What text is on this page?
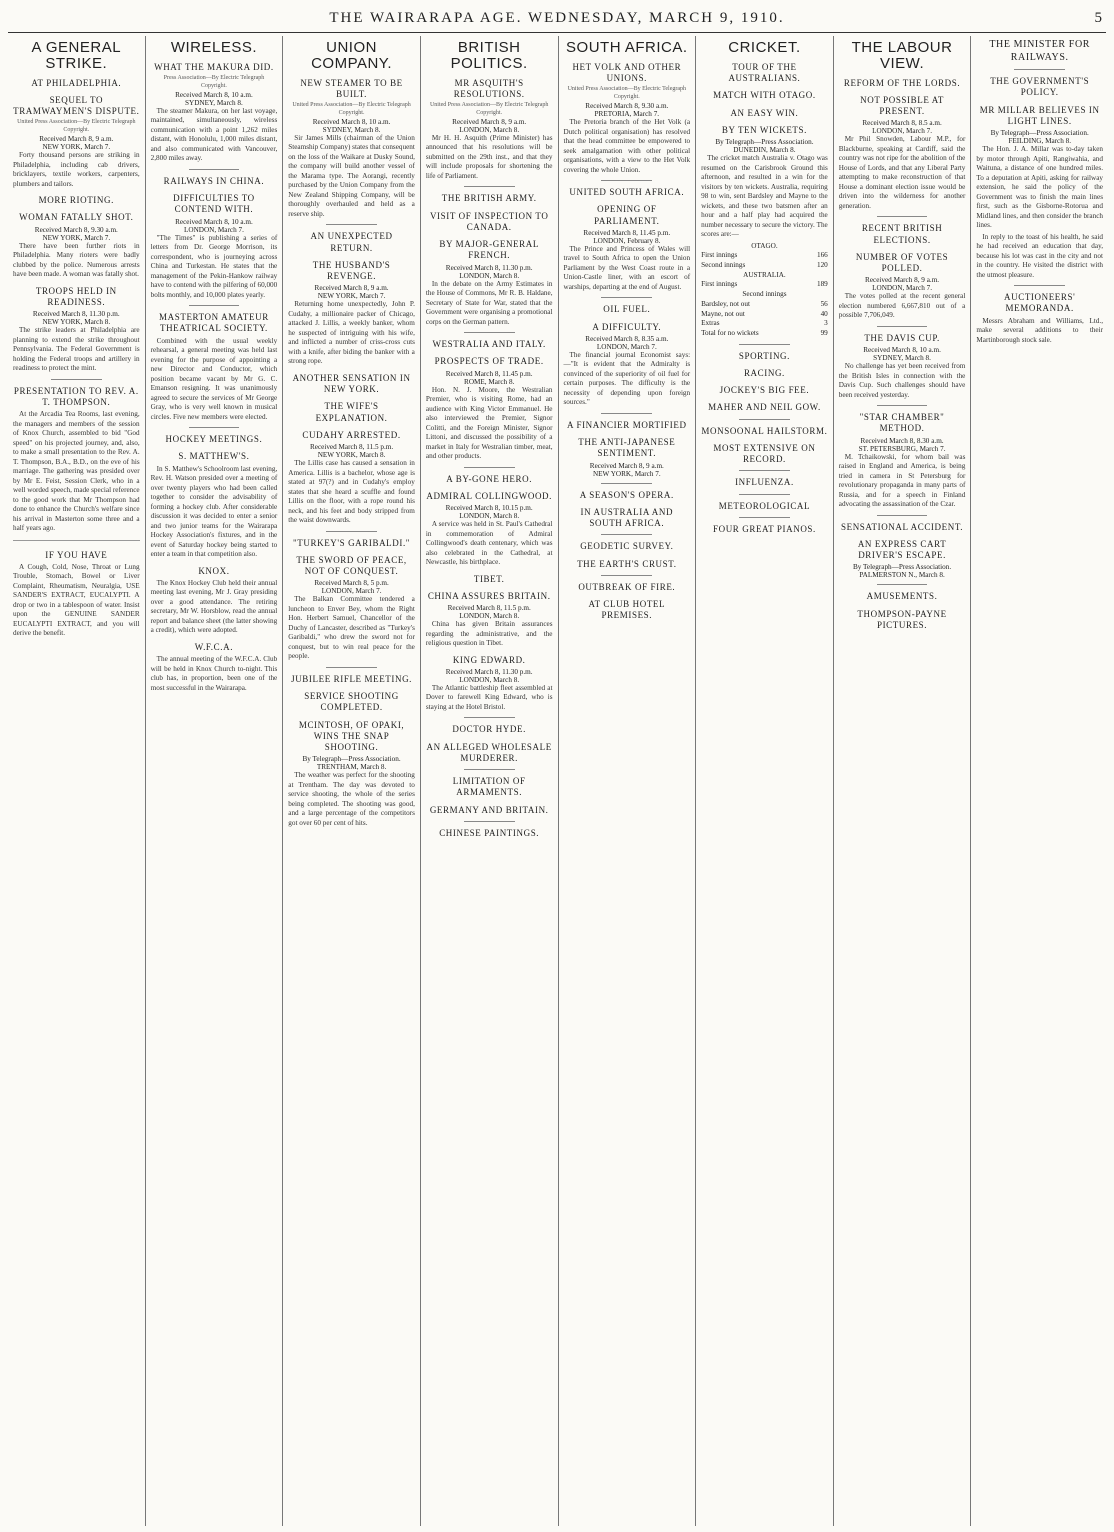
THE WAIRARAPA AGE. WEDNESDAY, MARCH 9, 1910.	5
A GENERAL STRIKE.
AT PHILADELPHIA.
SEQUEL TO TRAMWAYMEN'S DISPUTE.
United Press Association—By Electric Telegraph Copyright.
Received March 8, 9 a.m.
NEW YORK, March 7.

Forty thousand persons are striking in Philadelphia, including cab drivers, bricklayers, textile workers, carpenters, plumbers and tailors.

MORE RIOTING.
WOMAN FATALLY SHOT.
Received March 8, 9.30 a.m.
NEW YORK, March 7.

There have been further riots in Philadelphia. Many rioters were badly clubbed by the police. Numerous arrests have been made. A woman was fatally shot.

TROOPS HELD IN READINESS.
Received March 8, 11.30 p.m.
NEW YORK, March 8.

The strike leaders at Philadelphia are planning to extend the strike throughout Pennsylvania. The Federal Government is holding the Federal troops and artillery in readiness to protect the mint.

PRESENTATION TO REV. A. T. THOMPSON.

At the Arcadia Tea Rooms, last evening, the managers and members of the session of Knox Church, assembled to bid "God speed" on his projected journey, and, also, to make a small presentation to the Rev. A. T. Thompson, B.A., B.D., on the eve of his marriage. The gathering was presided over by Mr E. Feist, Session Clerk, who in a well worded speech, made special reference to the good work that Mr Thompson had done to enhance the Church's welfare since his arrival in Masterton some three and a half years ago.

IF YOU HAVE

A Cough, Cold, Nose, Throat or Lung Trouble, Stomach, Bowel or Liver Complaint, Rheumatism, Neuralgia, USE SANDER'S EXTRACT, EUCALYPTI. A drop or two in a tablespoon of water. Insist upon the GENUINE SANDER EUCALYPTI EXTRACT, and you will derive the benefit.

WIRELESS.
WHAT THE MAKURA DID.
Press Association—By Electric Telegraph Copyright.
Received March 8, 10 a.m.
SYDNEY, March 8.

The steamer Makura, on her last voyage, maintained, simultaneously, wireless communication with a point 1,262 miles distant, with Honolulu, 1,000 miles distant, and also communicated with Vancouver, 2,800 miles away.

RAILWAYS IN CHINA.
DIFFICULTIES TO CONTEND WITH.
Received March 8, 10 a.m.
LONDON, March 7.

"The Times" is publishing a series of letters from Dr. George Morrison, its correspondent, who is journeying across China and Turkestan. He states that the management of the Pekin-Hankow railway have to contend with the pilfering of 60,000 bolts monthly, and 10,000 plates yearly.

MASTERTON AMATEUR THEATRICAL SOCIETY.

Combined with the usual weekly rehearsal, a general meeting was held last evening for the purpose of appointing a new Director and Conductor, which position became vacant by Mr G. C. Emanson resigning. It was unanimously agreed to secure the services of Mr George Gray, who is very well known in musical circles. Five new members were elected.

HOCKEY MEETINGS.
S. MATTHEW'S.

In S. Matthew's Schoolroom last evening, Rev. H. Watson presided over a meeting of over twenty players who had been called together to consider the advisability of forming a hockey club. After considerable discussion it was decided to enter a senior and two junior teams for the Wairarapa Hockey Association's fixtures, and in the event of Saturday hockey being started to enter a team in that competition also.

KNOX.

The Knox Hockey Club held their annual meeting last evening, Mr J. Gray presiding over a good attendance. The retiring secretary, Mr W. Horsblow, read the annual report and balance sheet (the latter showing a credit), which were adopted.

W.F.C.A.

The annual meeting of the W.F.C.A. Club will be held in Knox Church to-night. This club has, in proportion, been one of the most successful in the Wairarapa.

UNION COMPANY.
NEW STEAMER TO BE BUILT.
United Press Association—By Electric Telegraph Copyright.
Received March 8, 10 a.m.
SYDNEY, March 8.

Sir James Mills (chairman of the Union Steamship Company) states that consequent on the loss of the Waikare at Dusky Sound, the company will build another vessel of the Marama type. The Aorangi, recently purchased by the Union Company from the New Zealand Shipping Company, will be thoroughly overhauled and held as a reserve ship.

AN UNEXPECTED RETURN.
THE HUSBAND'S REVENGE.
Received March 8, 9 a.m.
NEW YORK, March 7.

Returning home unexpectedly, John P. Cudahy, a millionaire packer of Chicago, attacked J. Lillis, a weekly banker, whom he suspected of intriguing with his wife, and inflicted a number of criss-cross cuts with a knife, after biding the banker with a strong rope.

ANOTHER SENSATION IN NEW YORK.
THE WIFE'S EXPLANATION.
CUDAHY ARRESTED.
Received March 8, 11.5 p.m.
NEW YORK, March 8.

The Lillis case has caused a sensation in America. Lillis is a bachelor, whose age is stated at 97(?) and in Cudahy's employ states that she heard a scuffle and found Lillis on the floor, with a rope round his neck, and his feet and body stripped from the waist downwards.

"TURKEY'S GARIBALDI."
THE SWORD OF PEACE, NOT OF CONQUEST.
Received March 8, 5 p.m.
LONDON, March 7.

The Balkan Committee tendered a luncheon to Enver Bey, whom the Right Hon. Herbert Samuel, Chancellor of the Duchy of Lancaster, described as "Turkey's Garibaldi," who drew the sword not for conquest, but to win real peace for the people.

JUBILEE RIFLE MEETING.
SERVICE SHOOTING COMPLETED.
MCINTOSH, OF OPAKI, WINS THE SNAP SHOOTING.
By Telegraph—Press Association.
TRENTHAM, March 8.

The weather was perfect for the shooting at Trentham. The day was devoted to service shooting, the whole of the series being completed. The shooting was good, and a large percentage of the competitors got over 60 per cent of hits.

BRITISH POLITICS.
MR ASQUITH'S RESOLUTIONS.
United Press Association—By Electric Telegraph Copyright.
Received March 8, 9 a.m.
LONDON, March 8.

Mr H. H. Asquith (Prime Minister) has announced that his resolutions will be submitted on the 29th inst., and that they will include proposals for shortening the life of Parliament.

THE BRITISH ARMY.
VISIT OF INSPECTION TO CANADA.
BY MAJOR-GENERAL FRENCH.
Received March 8, 11.30 p.m.
LONDON, March 8.

In the debate on the Army Estimates in the House of Commons, Mr R. B. Haldane, Secretary of State for War, stated that the Government were organising a promotional corps on the German pattern.

WESTRALIA AND ITALY.
PROSPECTS OF TRADE.
Received March 8, 11.45 p.m.
ROME, March 8.

Hon. N. J. Moore, the Westralian Premier, who is visiting Rome, had an audience with King Victor Emmanuel. He also interviewed the Premier, Signor Colitti, and the Foreign Minister, Signor Littoni, and discussed the possibility of a market in Italy for Westralian timber, meat, and other products.

A BY-GONE HERO.
ADMIRAL COLLINGWOOD.
Received March 8, 10.15 p.m.
LONDON, March 8.

A service was held in St. Paul's Cathedral in commemoration of Admiral Collingwood's death centenary, which was also celebrated in the Cathedral, at Newcastle, his birthplace.

TIBET.
CHINA ASSURES BRITAIN.
Received March 8, 11.5 p.m.
LONDON, March 8.

China has given Britain assurances regarding the administrative, and the religious question in Tibet.

KING EDWARD.
Received March 8, 11.30 p.m.
LONDON, March 8.

The Atlantic battleship fleet assembled at Dover to farewell King Edward, who is staying at the Hotel Bristol.

DOCTOR HYDE.
AN ALLEGED WHOLESALE MURDERER.
LIMITATION OF ARMAMENTS.
GERMANY AND BRITAIN.
CHINESE PAINTINGS.
SOUTH AFRICA.
HET VOLK AND OTHER UNIONS.
United Press Association—By Electric Telegraph Copyright.
Received March 8, 9.30 a.m.
PRETORIA, March 7.

The Pretoria branch of the Het Volk (a Dutch political organisation) has resolved that the head committee be empowered to seek amalgamation with other political organisations, with a view to the Het Volk covering the whole Union.

UNITED SOUTH AFRICA.
OPENING OF PARLIAMENT.
Received March 8, 11.45 p.m.
LONDON, February 8.

The Prince and Princess of Wales will travel to South Africa to open the Union Parliament by the West Coast route in a Union-Castle liner, with an escort of warships, departing at the end of August.

OIL FUEL.
A DIFFICULTY.
Received March 8, 8.35 a.m.
LONDON, March 7.

The financial journal Economist says:—"It is evident that the Admiralty is convinced of the superiority of oil fuel for certain purposes. The difficulty is the necessity of depending upon foreign sources."

A FINANCIER MORTIFIED
THE ANTI-JAPANESE SENTIMENT.
Received March 8, 9 a.m.
NEW YORK, March 7.
A SEASON'S OPERA.
IN AUSTRALIA AND SOUTH AFRICA.
GEODETIC SURVEY.
THE EARTH'S CRUST.
OUTBREAK OF FIRE.
AT CLUB HOTEL PREMISES.
CRICKET.
TOUR OF THE AUSTRALIANS.
MATCH WITH OTAGO.
AN EASY WIN.
BY TEN WICKETS.
By Telegraph—Press Association.
DUNEDIN, March 8.

The cricket match Australia v. Otago was resumed on the Carisbrook Ground this afternoon, and resulted in a win for the visitors by ten wickets. Australia, requiring 98 to win, sent Bardsley and Mayne to the wickets, and these two batsmen after an hour and a half play had acquired the number necessary to secure the victory. The scores are:—

OTAGO.
First innings	166
Second innings	120
AUSTRALIA.
First innings	189
Second innings
Bardsley, not out	56
Mayne, not out	40
Extras	3
Total for no wickets	99
SPORTING.
RACING.
JOCKEY'S BIG FEE.
MAHER AND NEIL GOW.
MONSOONAL HAILSTORM.
MOST EXTENSIVE ON RECORD.
INFLUENZA.
METEOROLOGICAL
FOUR GREAT PIANOS.
THE LABOUR VIEW.
REFORM OF THE LORDS.
NOT POSSIBLE AT PRESENT.
Received March 8, 8.5 a.m.
LONDON, March 7.

Mr Phil Snowden, Labour M.P., for Blackburne, speaking at Cardiff, said the country was not ripe for the abolition of the House of Lords, and that any Liberal Party attempting to make reconstruction of that House a dominant election issue would be driven into the wilderness for another generation.

RECENT BRITISH ELECTIONS.
NUMBER OF VOTES POLLED.
Received March 8, 9 a.m.
LONDON, March 7.

The votes polled at the recent general election numbered 6,667,810 out of a possible 7,706,049.

THE DAVIS CUP.
Received March 8, 10 a.m.
SYDNEY, March 8.

No challenge has yet been received from the British Isles in connection with the Davis Cup. Such challenges should have been received yesterday.

"STAR CHAMBER" METHOD.
Received March 8, 8.30 a.m.
ST. PETERSBURG, March 7.

M. Tchaikowski, for whom bail was raised in England and America, is being tried in camera in St Petersburg for revolutionary propaganda in many parts of Russia, and for a speech in Finland advocating the assassination of the Czar.

SENSATIONAL ACCIDENT.
AN EXPRESS CART DRIVER'S ESCAPE.
By Telegraph—Press Association.
PALMERSTON N., March 8.
AMUSEMENTS.
THOMPSON-PAYNE PICTURES.
THE MINISTER FOR RAILWAYS.
THE GOVERNMENT'S POLICY.
MR MILLAR BELIEVES IN LIGHT LINES.
By Telegraph—Press Association.
FEILDING, March 8.

The Hon. J. A. Millar was to-day taken by motor through Apiti, Rangiwahia, and Waituna, a distance of one hundred miles. To a deputation at Apiti, asking for railway extension, he said the policy of the Government was to finish the main lines first, such as the Gisborne-Rotorua and Midland lines, and then consider the branch lines.

In reply to the toast of his health, he said he had received an education that day, because his lot was cast in the city and not in the country. He visited the district with the utmost pleasure.

AUCTIONEERS' MEMORANDA.

Messrs Abraham and Williams, Ltd., make several additions to their Martinborough stock sale.
